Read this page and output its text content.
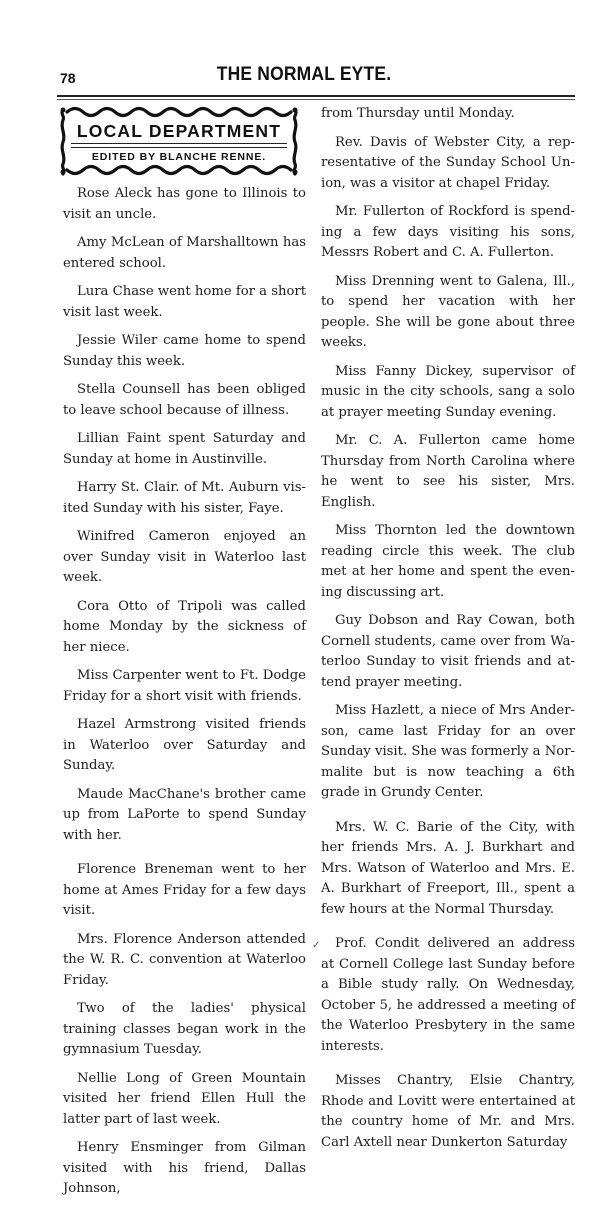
78	THE NORMAL EYTE.
LOCAL DEPARTMENT
EDITED BY BLANCHE RENNE.

Rose Aleck has gone to Illinois to visit an uncle.

Amy McLean of Marshalltown has entered school.

Lura Chase went home for a short visit last week.

Jessie Wiler came home to spend Sunday this week.

Stella Counsell has been obliged to leave school because of illness.

Lillian Faint spent Saturday and Sunday at home in Austinville.

Harry St. Clair. of Mt. Auburn visited Sunday with his sister, Faye.

Winifred Cameron enjoyed an over Sunday visit in Waterloo last week.

Cora Otto of Tripoli was called home Monday by the sickness of her niece.

Miss Carpenter went to Ft. Dodge Friday for a short visit with friends.

Hazel Armstrong visited friends in Waterloo over Saturday and Sunday.

Maude MacChane's brother came up from LaPorte to spend Sunday with her.

Florence Breneman went to her home at Ames Friday for a few days visit.

Mrs. Florence Anderson attended the W. R. C. convention at Waterloo Friday.

Two of the ladies' physical training classes began work in the gymnasium Tuesday.

Nellie Long of Green Mountain visited her friend Ellen Hull the latter part of last week.

Henry Ensminger from Gilman visited with his friend, Dallas Johnson,

from Thursday until Monday.

Rev. Davis of Webster City, a representative of the Sunday School Union, was a visitor at chapel Friday.

Mr. Fullerton of Rockford is spending a few days visiting his sons, Messrs Robert and C. A. Fullerton.

Miss Drenning went to Galena, Ill., to spend her vacation with her people. She will be gone about three weeks.

Miss Fanny Dickey, supervisor of music in the city schools, sang a solo at prayer meeting Sunday evening.

Mr. C. A. Fullerton came home Thursday from North Carolina where he went to see his sister, Mrs. English.

Miss Thornton led the downtown reading circle this week. The club met at her home and spent the evening discussing art.

Guy Dobson and Ray Cowan, both Cornell students, came over from Waterloo Sunday to visit friends and attend prayer meeting.

Miss Hazlett, a niece of Mrs Anderson, came last Friday for an over Sunday visit. She was formerly a Normalite but is now teaching a 6th grade in Grundy Center.

Mrs. W. C. Barie of the City, with her friends Mrs. A. J. Burkhart and Mrs. Watson of Waterloo and Mrs. E. A. Burkhart of Freeport, Ill., spent a few hours at the Normal Thursday.

✓	Prof. Condit delivered an address at Cornell College last Sunday before a Bible study rally. On Wednesday, October 5, he addressed a meeting of the Waterloo Presbytery in the same interests.

Misses Chantry, Elsie Chantry, Rhode and Lovitt were entertained at the country home of Mr. and Mrs. Carl Axtell near Dunkerton Saturday
